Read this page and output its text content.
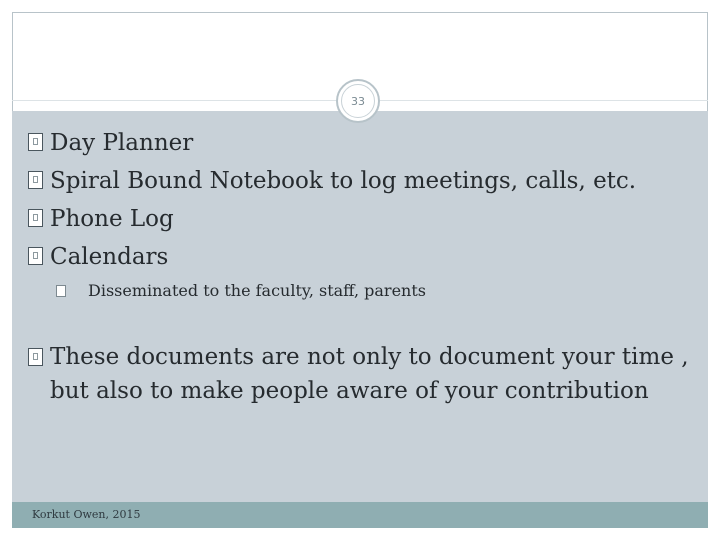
33
Day Planner
Spiral Bound Notebook to log meetings, calls, etc.
Phone Log
Calendars
Disseminated to the faculty, staff, parents
These documents are not only to document your time , but also to make people aware of your contribution
Korkut Owen, 2015
